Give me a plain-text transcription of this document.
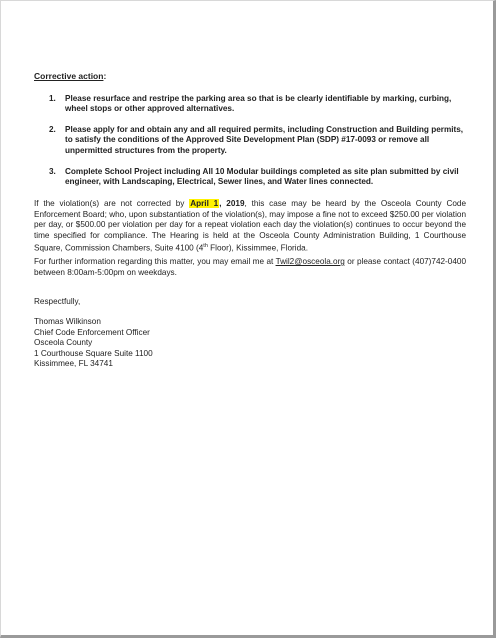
Corrective action:
1.	Please resurface and restripe the parking area so that is be clearly identifiable by marking, curbing, wheel stops or other approved alternatives.
2.	Please apply for and obtain any and all required permits, including Construction and Building permits, to satisfy the conditions of the Approved Site Development Plan (SDP) #17-0093 or remove all unpermitted structures from the property.
3.	Complete School Project including All 10 Modular buildings completed as site plan submitted by civil engineer, with Landscaping, Electrical, Sewer lines, and Water lines connected.
If the violation(s) are not corrected by April 1, 2019, this case may be heard by the Osceola County Code Enforcement Board; who, upon substantiation of the violation(s), may impose a fine not to exceed $250.00 per violation per day, or $500.00 per violation per day for a repeat violation each day the violation(s) continues to occur beyond the time specified for compliance. The Hearing is held at the Osceola County Administration Building, 1 Courthouse Square, Commission Chambers, Suite 4100 (4th Floor), Kissimmee, Florida.
For further information regarding this matter, you may email me at Twil2@osceola.org or please contact (407)742-0400 between 8:00am-5:00pm on weekdays.
Respectfully,
Thomas Wilkinson
Chief Code Enforcement Officer
Osceola County
1 Courthouse Square Suite 1100
Kissimmee, FL 34741
